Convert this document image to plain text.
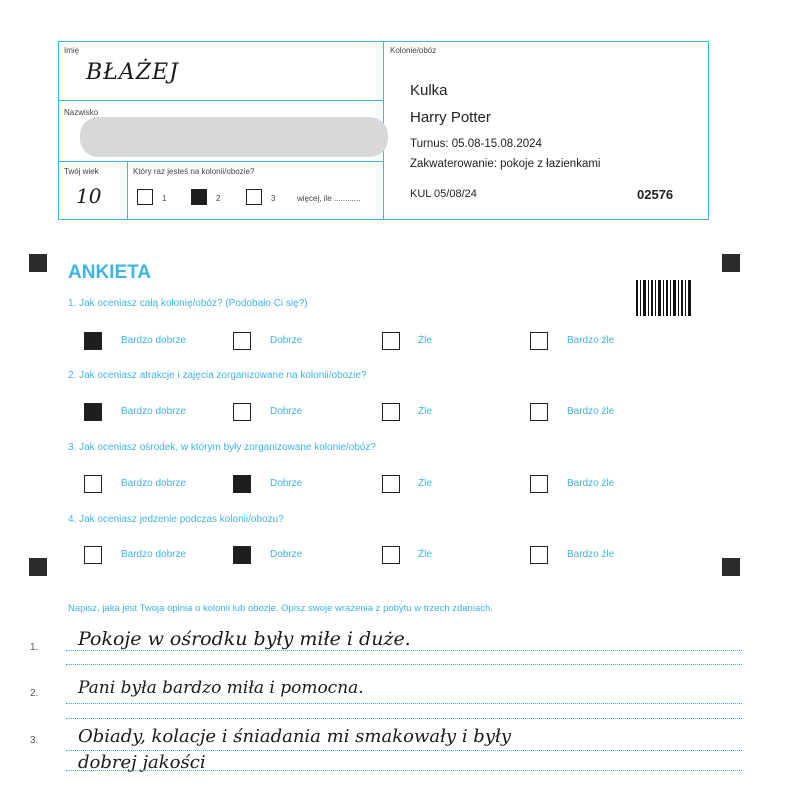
Imię
BŁAŻEJ
Nazwisko
Twój wiek
10
Który raz jesteś na kolonii/obozie?
1	2	3	więcej, ile ............
Kolonie/obóz
Kulka
Harry Potter
Turnus: 05.08-15.08.2024
Zakwaterowanie: pokoje z łazienkami
KUL 05/08/24	02576
ANKIETA
1. Jak oceniasz całą kolonię/obóz? (Podobało Ci się?)
Bardzo dobrze	Dobrze	Źle	Bardzo źle
2. Jak oceniasz atrakcje i zajęcia zorganizowane na kolonii/obozie?
Bardzo dobrze	Dobrze	Źle	Bardzo źle
3. Jak oceniasz ośrodek, w którym były zorganizowane kolonie/obóz?
Bardzo dobrze	Dobrze	Źle	Bardzo źle
4. Jak oceniasz jedzenie podczas kolonii/obozu?
Bardzo dobrze	Dobrze	Źle	Bardzo źle
Napisz, jaka jest Twoja opinia o kolonii lub obozie. Opisz swoje wrażenia z pobytu w trzech zdaniach.
1. Pokoje w ośrodku były miłe i duże.
2. Pani była bardzo miła i pomocna.
3. Obiady, kolacje i śniadania mi smakowały i były
dobrej jakości
